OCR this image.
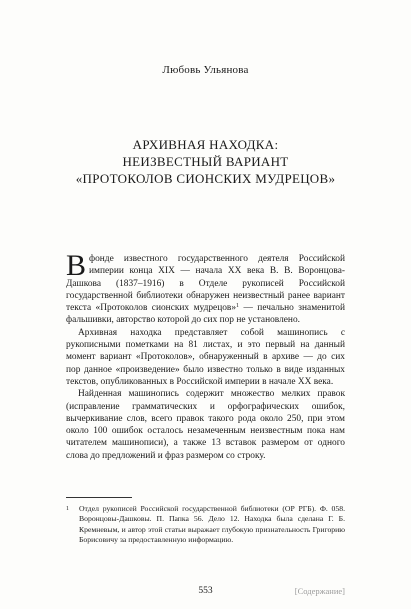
Любовь Ульянова
АРХИВНАЯ НАХОДКА:
НЕИЗВЕСТНЫЙ ВАРИАНТ
«ПРОТОКОЛОВ СИОНСКИХ МУДРЕЦОВ»

В фонде известного государственного деятеля Российской империи конца XIX — начала XX века В. В. Воронцова-Дашкова (1837–1916) в Отделе рукописей Российской государственной библиотеки обнаружен неизвестный ранее вариант текста «Протоколов сионских мудрецов»$^1$ — печально знаменитой фальшивки, авторство которой до сих пор не установлено.

Архивная находка представляет собой машинопись с рукописными пометками на 81 листах, и это первый на данный момент вариант «Протоколов», обнаруженный в архиве — до сих пор данное «произведение» было известно только в виде изданных текстов, опубликованных в Российской империи в начале XX века.

Найденная машинопись содержит множество мелких правок (исправление грамматических и орфографических ошибок, вычеркивание слов, всего правок такого рода около 250, при этом около 100 ошибок осталось незамеченным неизвестным пока нам читателем машинописи), а также 13 вставок размером от одного слова до предложений и фраз размером со строку.

1	Отдел рукописей Российской государственной библиотеки (ОР РГБ). Ф. 058. Воронцовы-Дашковы. П. Папка 56. Дело 12. Находка была сделана Г. Б. Кремневым, и автор этой статьи выражает глубокую признательность Григорию Борисовичу за предоставленную информацию.
553	[Содержание]
